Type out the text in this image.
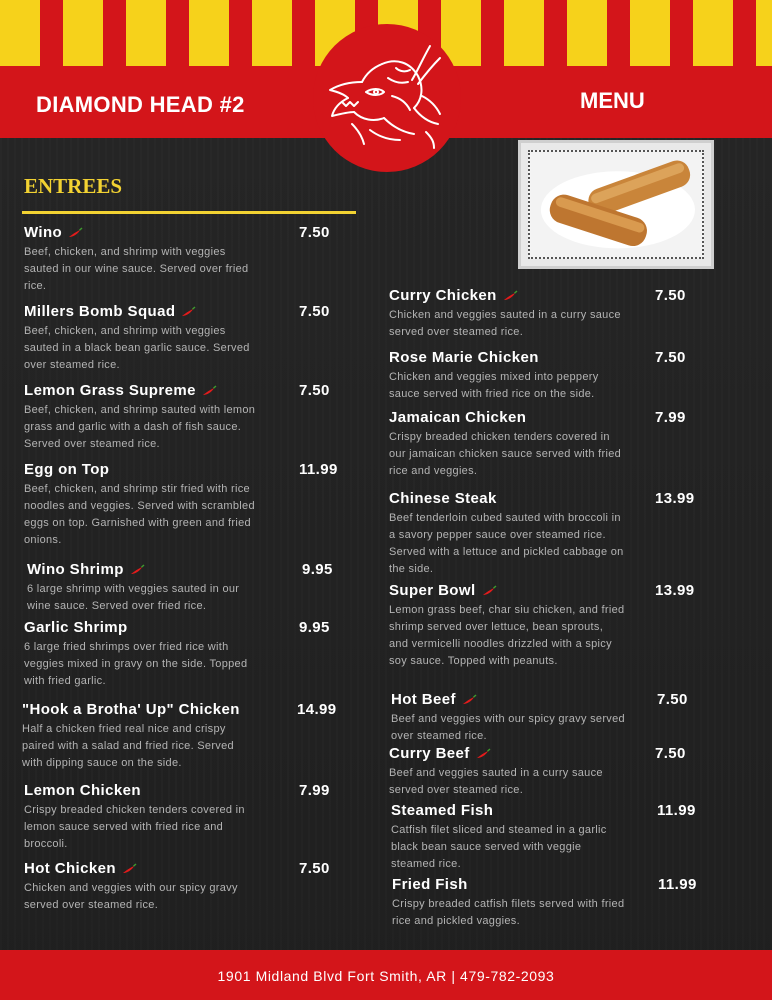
DIAMOND HEAD #2	MENU
ENTREES
Wino	7.50
Beef, chicken, and shrimp with veggies sauted in our wine sauce. Served over fried rice.
Millers Bomb Squad	7.50
Beef, chicken, and shrimp with veggies sauted in a black bean garlic sauce. Served over steamed rice.
Lemon Grass Supreme	7.50
Beef, chicken, and shrimp sauted with lemon grass and garlic with a dash of fish sauce. Served over steamed rice.
Egg on Top	11.99
Beef, chicken, and shrimp stir fried with rice noodles and veggies. Served with scrambled eggs on top. Garnished with green and fried onions.
Wino Shrimp	9.95
6 large shrimp with veggies sauted in our wine sauce. Served over fried rice.
Garlic Shrimp	9.95
6 large fried shrimps over fried rice with veggies mixed in gravy on the side. Topped with fried garlic.
"Hook a Brotha' Up" Chicken	14.99
Half a chicken fried real nice and crispy paired with a salad and fried rice. Served with dipping sauce on the side.
Lemon Chicken	7.99
Crispy breaded chicken tenders covered in lemon sauce served with fried rice and broccoli.
Hot Chicken	7.50
Chicken and veggies with our spicy gravy served over steamed rice.
Curry Chicken	7.50
Chicken and veggies sauted in a curry sauce served over steamed rice.
Rose Marie Chicken	7.50
Chicken and veggies mixed into peppery sauce served with fried rice on the side.
Jamaican Chicken	7.99
Crispy breaded chicken tenders covered in our jamaican chicken sauce served with fried rice and veggies.
Chinese Steak	13.99
Beef tenderloin cubed sauted with broccoli in a savory pepper sauce over steamed rice. Served with a lettuce and pickled cabbage on the side.
Super Bowl	13.99
Lemon grass beef, char siu chicken, and fried shrimp served over lettuce, bean sprouts, and vermicelli noodles drizzled with a spicy soy sauce. Topped with peanuts.
Hot Beef	7.50
Beef and veggies with our spicy gravy served over steamed rice.
Curry Beef	7.50
Beef and veggies sauted in a curry sauce served over steamed rice.
Steamed Fish	11.99
Catfish filet sliced and steamed in a garlic black bean sauce served with veggie steamed rice.
Fried Fish	11.99
Crispy breaded catfish filets served with fried rice and pickled vaggies.
1901 Midland Blvd Fort Smith, AR | 479-782-2093
